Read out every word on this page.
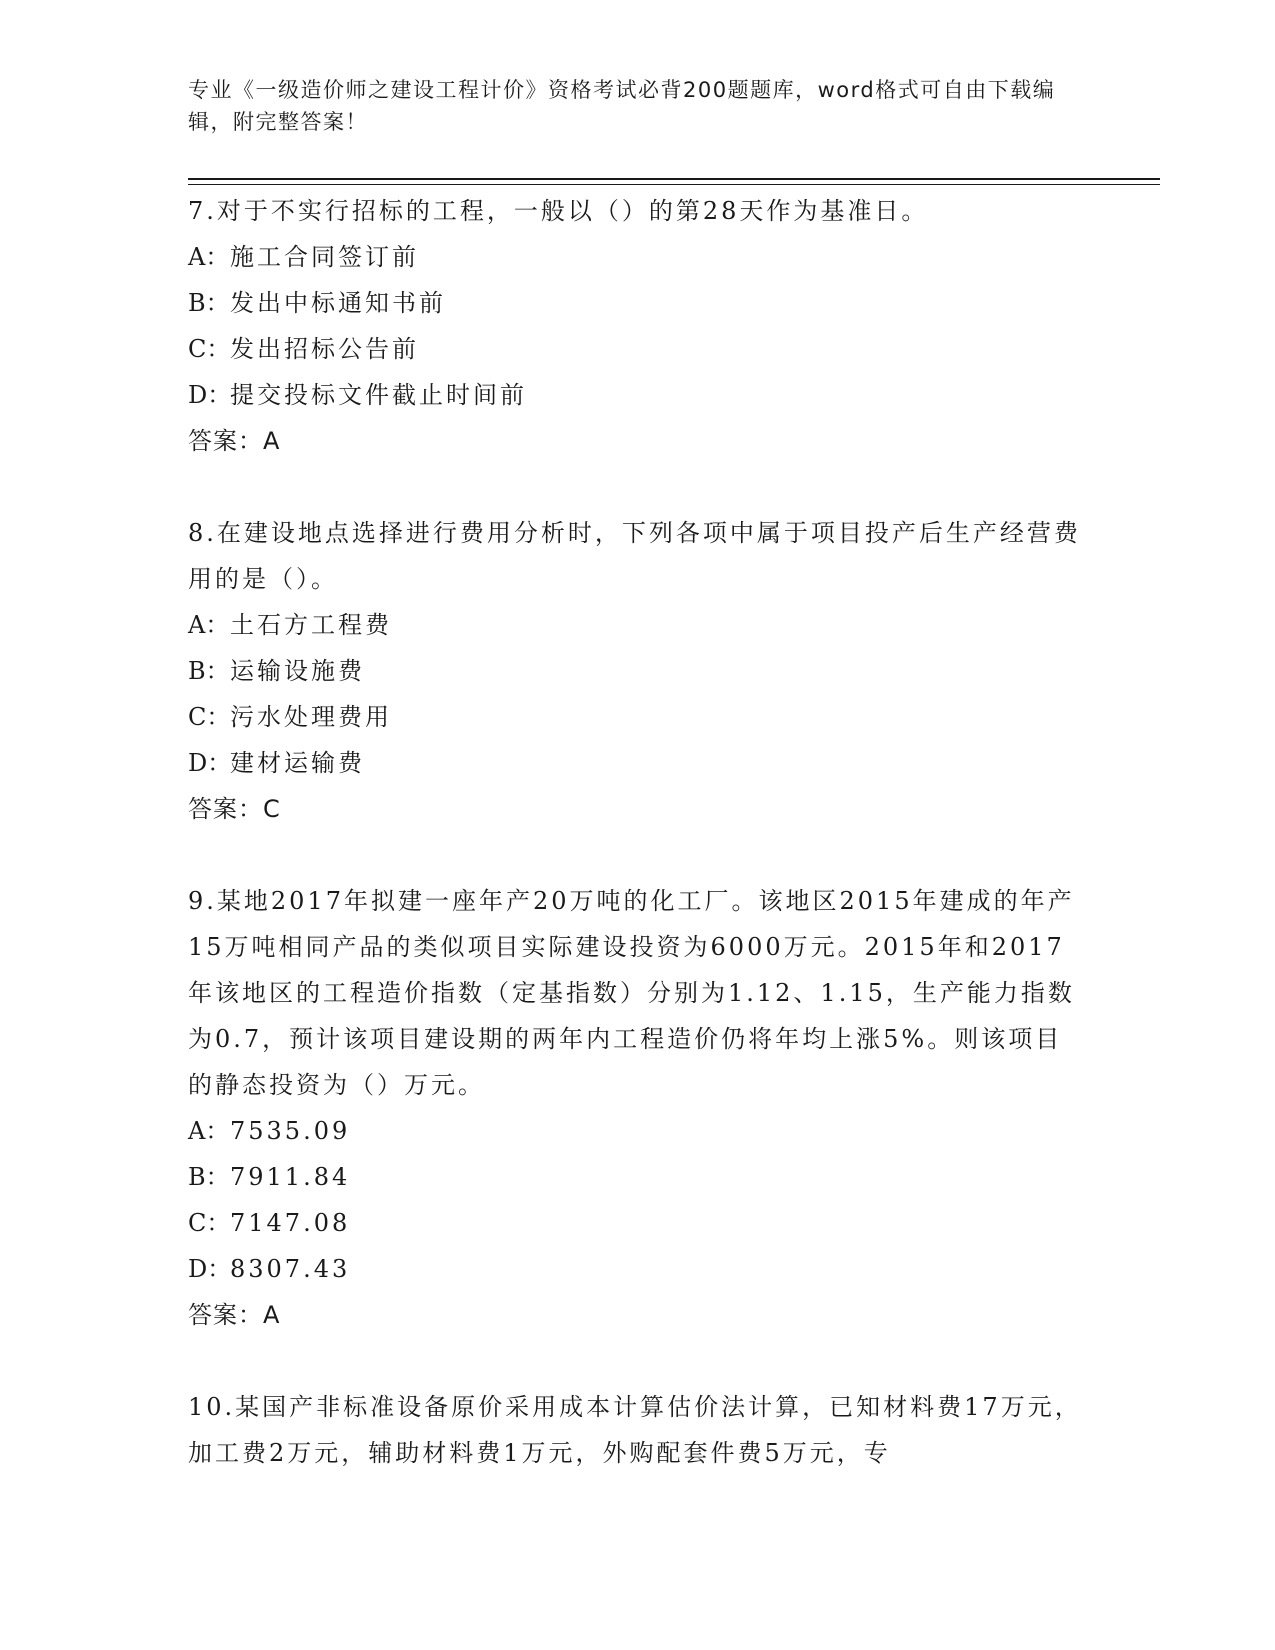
专业《一级造价师之建设工程计价》资格考试必背200题题库，word格式可自由下载编辑，附完整答案！

7.对于不实行招标的工程，一般以（）的第28天作为基准日。

A：施工合同签订前

B：发出中标通知书前

C：发出招标公告前

D：提交投标文件截止时间前

答案：A

8.在建设地点选择进行费用分析时，下列各项中属于项目投产后生产经营费用的是（）。

A：土石方工程费

B：运输设施费

C：污水处理费用

D：建材运输费

答案：C

9.某地2017年拟建一座年产20万吨的化工厂。该地区2015年建成的年产15万吨相同产品的类似项目实际建设投资为6000万元。2015年和2017年该地区的工程造价指数（定基指数）分别为1.12、1.15，生产能力指数为0.7，预计该项目建设期的两年内工程造价仍将年均上涨5%。则该项目的静态投资为（）万元。

A：7535.09

B：7911.84

C：7147.08

D：8307.43

答案：A

10.某国产非标准设备原价采用成本计算估价法计算，已知材料费17万元，加工费2万元，辅助材料费1万元，外购配套件费5万元，专
